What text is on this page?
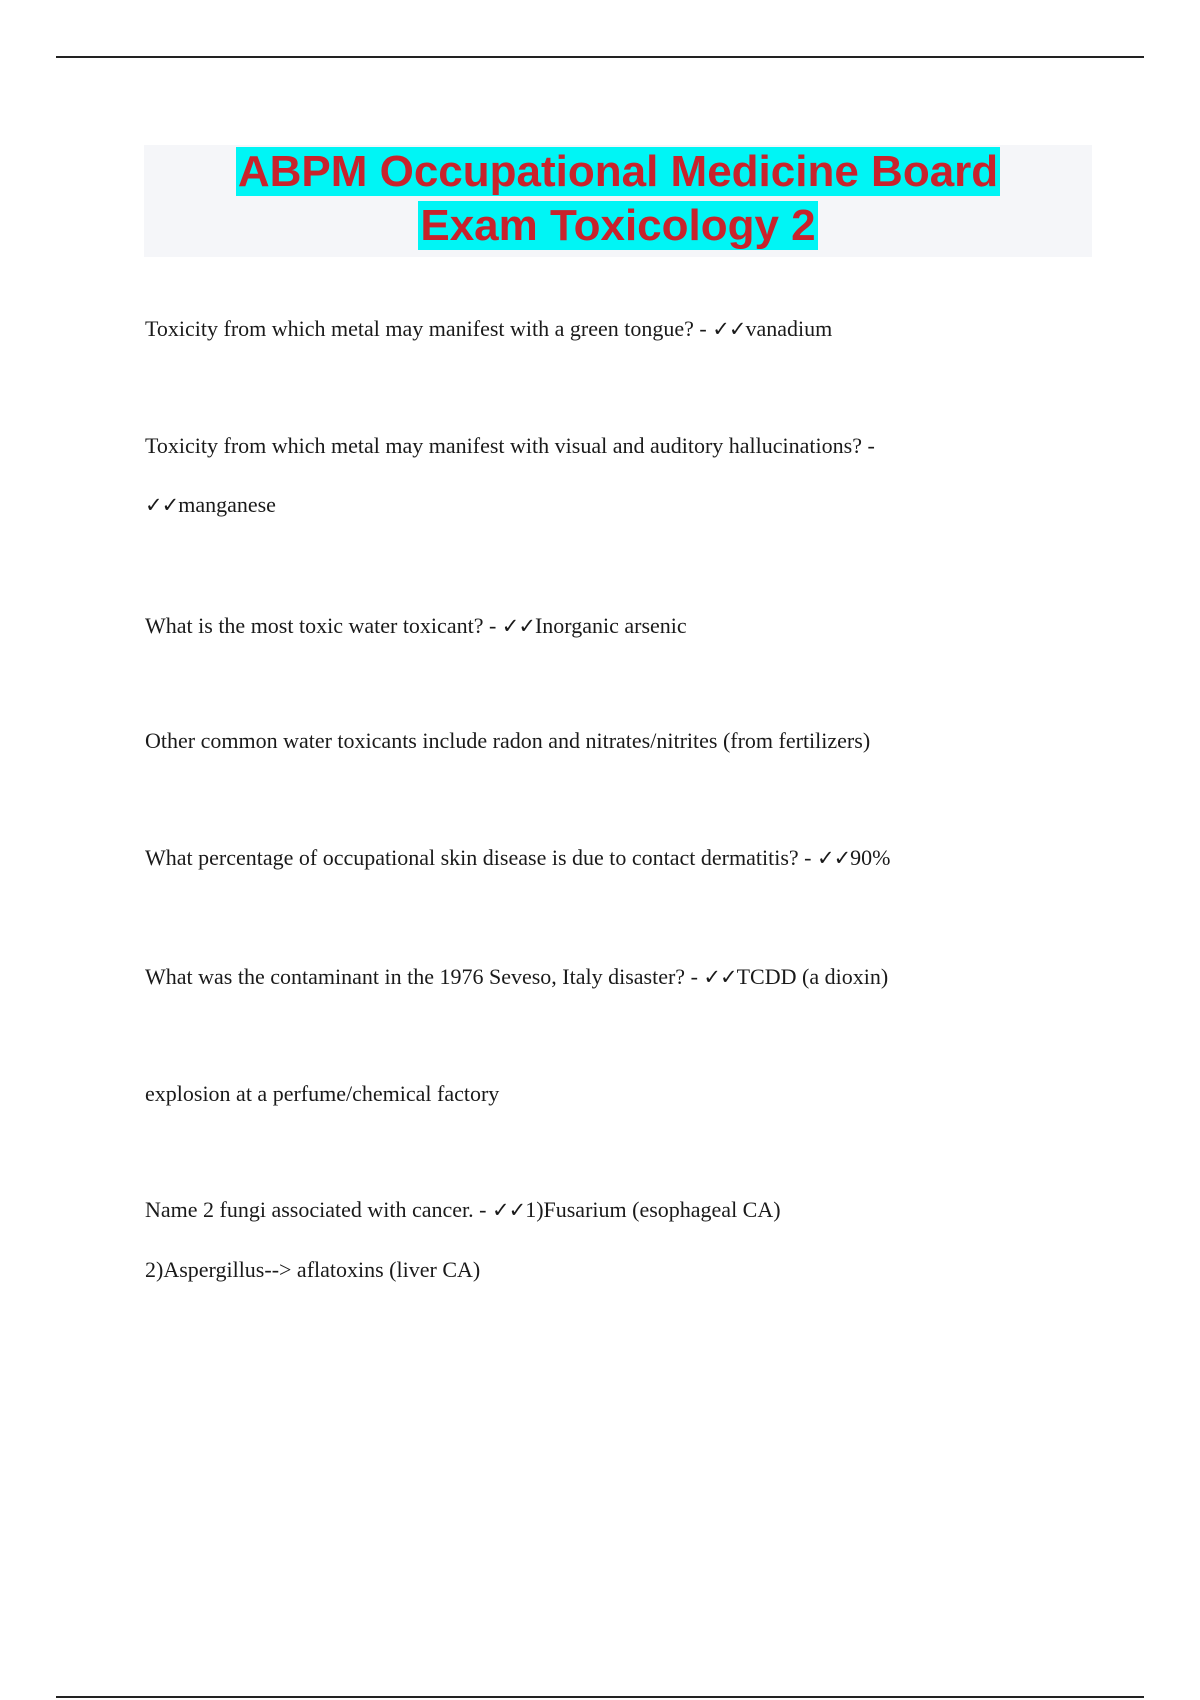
ABPM Occupational Medicine Board
Exam Toxicology 2
Toxicity from which metal may manifest with a green tongue? - ✓✓vanadium
Toxicity from which metal may manifest with visual and auditory hallucinations? -
✓✓manganese
What is the most toxic water toxicant? - ✓✓Inorganic arsenic
Other common water toxicants include radon and nitrates/nitrites (from fertilizers)
What percentage of occupational skin disease is due to contact dermatitis? - ✓✓90%
What was the contaminant in the 1976 Seveso, Italy disaster? - ✓✓TCDD (a dioxin)
explosion at a perfume/chemical factory
Name 2 fungi associated with cancer. - ✓✓1)Fusarium (esophageal CA)
2)Aspergillus--> aflatoxins (liver CA)
